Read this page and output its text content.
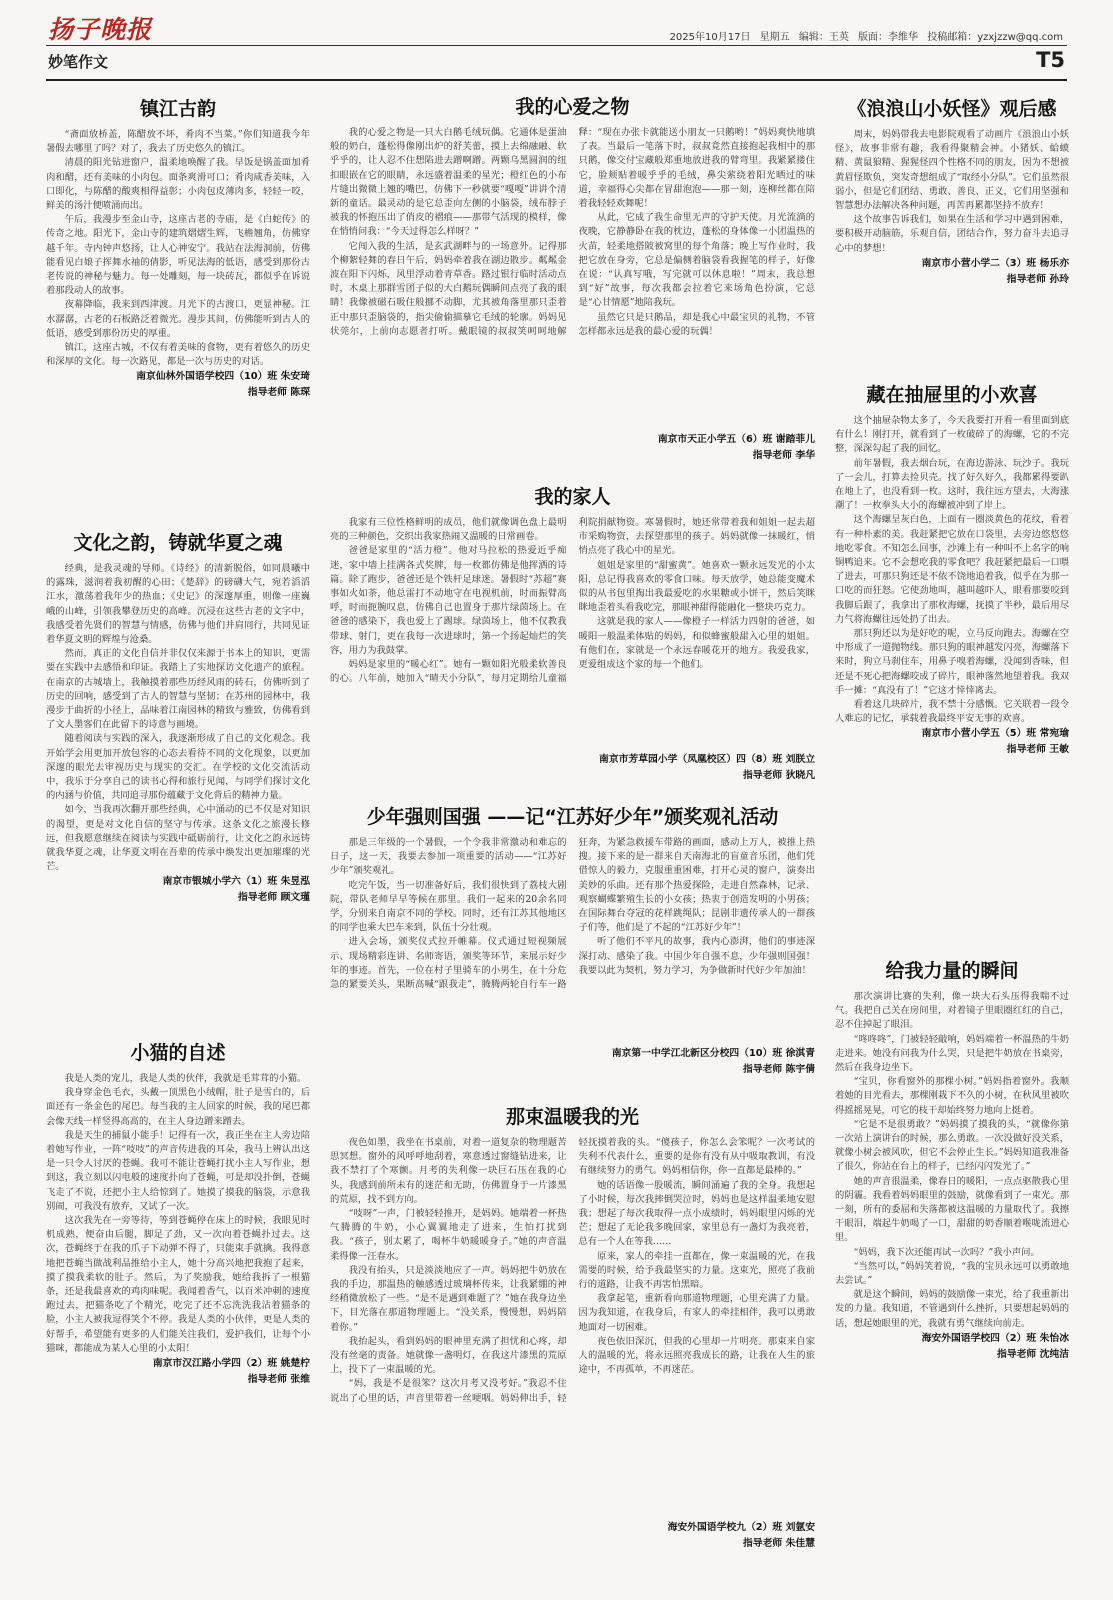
扬子晚报	2025年10月17日 星期五 编辑：王英 版面：李维华 投稿邮箱：yzxjzzw@qq.com
妙笔作文	T5
镇江古韵

“斋面放桥盖，陈醋放不坏，肴肉不当菜。”你们知道我今年暑假去哪里了吗？对了，我去了历史悠久的镇江。

清晨的阳光钻进窗户，温柔地唤醒了我。早饭是锅盖面加肴肉和醋，还有美味的小肉包。面条爽滑可口；肴肉咸香美味，入口即化，与陈醋的酸爽相得益彰；小肉包皮薄肉多，轻轻一咬，鲜美的汤汁便喷涌而出。

午后，我漫步至金山寺，这座古老的寺庙，是《白蛇传》的传奇之地。阳光下，金山寺的建筑熠熠生辉，飞檐翘角，仿佛穿越千年。寺内钟声悠扬，让人心神安宁。我站在法海洞前，仿佛能看见白娘子挥舞水袖的倩影，听见法海的低语，感受到那份古老传说的神秘与魅力。每一处雕刻，每一块砖瓦，都似乎在诉说着那段动人的故事。

夜幕降临，我来到西津渡。月光下的古渡口，更显神秘。江水潺潺，古老的石板路泛着微光。漫步其间，仿佛能听到古人的低语，感受到那份历史的厚重。

镇江，这座古城，不仅有着美味的食物，更有着悠久的历史和深厚的文化。每一次路见，都是一次与历史的对话。

南京仙林外国语学校四（10）班 朱安琦
指导老师 陈琛
文化之韵，铸就华夏之魂

经典，是我灵魂的导师。《诗经》的清新脱俗，如同晨曦中的露珠，滋润着我初醒的心田；《楚辞》的磅礴大气，宛若滔滔江水，激荡着我年少的热血；《史记》的深邃厚重，则像一座巍峨的山峰，引领我攀登历史的高峰。沉浸在这些古老的文字中，我感受着先贤们的智慧与情感，仿佛与他们并肩同行，共同见证着华夏文明的辉煌与沧桑。

然而，真正的文化自信并非仅仅来源于书本上的知识，更需要在实践中去感悟和印证。我踏上了实地探访文化遗产的旅程。在南京的古城墙上，我触摸着那些历经风雨的砖石，仿佛听到了历史的回响，感受到了古人的智慧与坚韧；在苏州的园林中，我漫步于曲折的小径上，品味着江南园林的精致与雅致，仿佛看到了文人墨客们在此留下的诗意与画境。

随着阅读与实践的深入，我逐渐形成了自己的文化观念。我开始学会用更加开放包容的心态去看待不同的文化现象，以更加深邃的眼光去审视历史与现实的交汇。在学校的文化交流活动中，我乐于分享自己的读书心得和旅行见闻，与同学们探讨文化的内涵与价值，共同追寻那份蕴藏于文化背后的精神力量。

如今，当我再次翻开那些经典，心中涌动的已不仅是对知识的渴望，更是对文化自信的坚守与传承。这条文化之旅漫长修远，但我愿意继续在阅读与实践中砥砺前行，让文化之韵永远铸就我华夏之魂，让华夏文明在吾辈的传承中焕发出更加璀璨的光芒。

南京市银城小学六（1）班 朱昱泓
指导老师 顾文瑾
小猫的自述

我是人类的宠儿，我是人类的伙伴，我就是毛茸茸的小猫。

我身穿金色毛衣，头戴一顶黑色小绒帽，肚子是雪白的，后面还有一条金色的尾巴。每当我的主人回家的时候，我的尾巴都会像天线一样竖得高高的，在主人身边蹭来蹭去。

我是天生的捕鼠小能手！记得有一次，我正坐在主人旁边陪着她写作业，一阵“吱吱”的声音传进我的耳朵，我马上辨认出这是一只令人讨厌的苍蝇。我可不能让苍蝇打扰小主人写作业，想到这，我立刻以闪电般的速度扑向了苍蝇，可是却没扑倒，苍蝇飞走了不说，还把小主人给惊到了。她摸了摸我的脑袋，示意我别闹，可我没有放弃，又试了一次。

这次我先在一旁等待，等到苍蝇停在床上的时候，我眼见时机成熟，便奋由后腿，脚足了劲，又一次向着苍蝇扑过去。这次，苍蝇终于在我的爪子下动弹不得了，只能束手就擒。我得意地把苍蝇当做战利品推给小主人，她十分高兴地把我抱了起来，摸了摸我柔软的肚子。然后，为了奖励我，她给我拆了一根猫条，还是我最喜欢的鸡肉味呢。我闻着香气，以百米冲刺的速度跑过去，把猫条吃了个精光，吃完了还不忘洗洗我沾着猫条的脸，小主人被我逗得笑个不停。我是人类的小伙伴，更是人类的好帮手，希望能有更多的人们能关注我们，爱护我们，让每个小猫咪，都能成为某人心里的小太阳！

南京市汉江路小学四（2）班 姚楚柠
指导老师 张维
我的心爱之物

我的心爱之物是一只大白鹅毛绒玩偶。它通体是蛋油般的奶白，蓬松得像刚出炉的舒芙蕾，摸上去绵融融、软乎乎的，让人忍不住想陷进去蹭啊蹭。两颗乌黑圆润的纽扣眼嵌在它的眼睛，永远盛着温柔的星光；橙红色的小布片缝出微微上翘的嘴巴，仿佛下一秒就要“嘎嘎”讲讲个清新的童话。最灵动的是它总歪向左侧的小脑袋，绒布脖子被我的怀抱压出了俏皮的褶痕——那带气活现的模样，像在悄悄问我：“今天过得怎么样呀？”

它闯入我的生活，是玄武湖畔与的一场意外。记得那个柳絮轻舞的春日午后，妈妈牵着我在湖边散步。粼粼金波在阳下闪烁，风里浮动着青草香。路过银行临时活动点时，木桌上那群雪团子似的大白鹅玩偶瞬间点亮了我的眼睛！我像被磁石吸住般挪不动脚，尤其被角落里那只歪着正中那只歪脑袋的，指尖偷偷描摹它毛绒的轮廓。妈妈见状莞尔，上前向志愿者打听。戴眼镜的叔叔笑呵呵地解释：“现在办张卡就能送小朋友一只鹅哟！”妈妈爽快地填了表。当最后一笔落下时，叔叔竟然直接抱起我相中的那只鹅，像交付宝藏般郑重地放进我的臂弯里。我紧紧搂住它，脸颊贴着暖乎乎的毛绒，鼻尖萦绕着阳光晒过的味道，幸福得心尖都在冒甜泡泡——那一刻，连柳丝都在陪着我轻轻欢舞呢！

从此，它成了我生命里无声的守护天使。月光流淌的夜晚，它静静卧在我的枕边，蓬松的身体像一小团温热的火苗，轻柔地搭陂被窝里的每个角落；晚上写作业时，我把它放在身旁，它总是偏侧着脑袋看我握笔的样子，好像在说：“认真写哦，写完就可以休息啦！”周末，我总想到“好”故事，每次我都会拉着它来场角色扮演，它总是“心甘情愿”地陪我玩。

虽然它只是只鹅品，却是我心中最宝贝的礼物，不管怎样都永远是我的最心爱的玩偶！

南京市天正小学五（6）班 谢踏菲儿
指导老师 李华
我的家人

我家有三位性格鲜明的成员，他们就像调色盘上最明亮的三种颜色，交织出我家热闹又温暖的日常画卷。

爸爸是家里的“活力橙”。他对马拉松的热爱近乎痴迷，家中墙上挂满各式奖牌，每一枚都仿佛是他挥洒的诗篇。除了跑步，爸爸还是个铁杆足球迷。暑假时“苏超”赛事如火如荼，他总雷打不动地守在电视机前，时而振臂高呼，时而扼腕叹息，仿佛自己也置身于那片绿茵场上。在爸爸的感染下，我也爱上了踢球。绿茵场上，他不仅教我带球、射门，更在我每一次进球时，第一个扬起灿烂的笑容，用力为我鼓掌。

妈妈是家里的“暖心红”。她有一颗如阳光般柔软善良的心。八年前，她加入“晴天小分队”，每月定期给儿童福利院捐献物资。寒暑假时，她还常带着我和姐姐一起去超市采购物资，去探望那里的孩子。妈妈就像一抹暖红，悄悄点亮了我心中的星光。

姐姐是家里的“甜蜜黄”。她喜欢一颗永远发光的小太阳，总记得我喜欢的零食口味。每天放学，她总能变魔术似的从书包里掏出我最爱吃的水果糖或小饼干，然后笑眯眯地歪着头看我吃完，那眼神甜得能融化一整块巧克力。

这就是我的家人——像橙子一样活力四射的爸爸，如暖阳一般温柔体贴的妈妈，和似蜂蜜般甜入心里的姐姐。有他们在，家就是一个永远春暖花开的地方。我爱我家，更爱组成这个家的每一个他们。

南京市芳草园小学（凤凰校区）四（8）班 刘朕立
指导老师 狄晓凡
少年强则国强 ——记“江苏好少年”颁奖观礼活动

那是三年级的一个暑假，一个令我非常激动和难忘的日子，这一天，我要去参加一项重要的活动——“江苏好少年”颁奖观礼。

吃完午饭，当一切准备好后，我们很快到了荔枝大剧院，带队老师早早等候在那里。我们一起来的20余名同学，分别来自南京不同的学校。同时，还有江苏其他地区的同学也乘大巴车来到，队伍十分壮观。

进入会场，颁奖仪式拉开帷幕。仪式通过短视频展示、现场精彩连讲、名师寄语，颁奖等环节，来展示好少年的事迹。首先，一位在村子里骑车的小男生，在十分危急的紧要关头，果断高喊“跟我走”，腾腾两轮自行车一路狂奔，为紧急救援车带路的画面，感动上万人，被推上热搜。接下来的是一群来自天南海北的盲童音乐团，他们凭借惊人的毅力，克服重重困难，打开心灵的窗户，演奏出美妙的乐曲。还有那个热爱探险，走进自然森林，记录、观察蝴蝶繁殖生长的小女孩；热衷于创造发明的小男孩；在国际舞台夺冠的花样跳绳队；昆剧非遗传承人的一群孩子们等，他们是了不起的“江苏好少年”！

听了他们不平凡的故事，我内心澎湃，他们的事迹深深打动、感染了我。中国少年自强不息，少年强则国强！我要以此为契机，努力学习，为争做新时代好少年加油！

南京第一中学江北新区分校四（10）班 徐淇青
指导老师 陈宇倩
那束温暖我的光

夜色如墨，我坐在书桌前，对着一道复杂的物理题苦思冥想。窗外的风呼呼地刮着，寒意透过窗缝钻进来，让我不禁打了个寒颤。月考的失利像一块巨石压在我的心头，我感到前所未有的迷茫和无助，仿佛置身于一片漆黑的荒原，找不到方向。

“吱呀”一声，门被轻轻推开，是妈妈。她端着一杯热气腾腾的牛奶，小心翼翼地走了进来，生怕打扰到我。“孩子，别太累了，喝杯牛奶暖暖身子。”她的声音温柔得像一汪春水。

我没有抬头，只是淡淡地应了一声。妈妈把牛奶放在我的手边，那温热的触感透过玻璃杯传来，让我紧绷的神经稍微放松了一些。“是不是遇到难题了？”她在我身边坐下，目光落在那道物理题上。“没关系，慢慢想，妈妈陪着你。”

我抬起头，看到妈妈的眼神里充满了担忧和心疼，却没有丝毫的责备。她就像一盏明灯，在我这片漆黑的荒原上，投下了一束温暖的光。

“妈，我是不是很笨？这次月考又没考好。”我忍不住说出了心里的话，声音里带着一丝哽咽。妈妈伸出手，轻轻抚摸着我的头。“傻孩子，你怎么会笨呢？一次考试的失利不代表什么，重要的是你有没有从中吸取教训，有没有继续努力的勇气。妈妈相信你，你一直都是最棒的。”

她的话语像一股暖流，瞬间涌遍了我的全身。我想起了小时候，每次我摔倒哭泣时，妈妈也是这样温柔地安慰我；想起了每次我取得一点小成绩时，妈妈眼里闪烁的光芒；想起了无论我多晚回家，家里总有一盏灯为我亮着，总有一个人在等我……

原来，家人的牵挂一直都在，像一束温暖的光，在我需要的时候，给予我最坚实的力量。这束光，照亮了我前行的道路，让我不再害怕黑暗。

我拿起笔，重新看向那道物理题，心里充满了力量。因为我知道，在我身后，有家人的牵挂相伴，我可以勇敢地面对一切困难。

夜色依旧深沉，但我的心里却一片明亮。那束来自家人的温暖的光，将永远照亮我成长的路，让我在人生的旅途中，不再孤单，不再迷茫。

海安外国语学校九（2）班 刘氩安
指导老师 朱佳慧
《浪浪山小妖怪》观后感

周末，妈妈带我去电影院观看了动画片《浪浪山小妖怪》，故事非常有趣，我看得聚精会神。小猪妖、蛤蟆精、黄鼠狼精、猩猩怪四个性格不同的朋友，因为不想被黄眉怪欺负，突发奇想组成了“取经小分队”。它们虽然很弱小，但是它们团结、勇敢、善良、正义，它们用坚强和智慧想办法解决各种问题，再苦再累都坚持不放弃！

这个故事告诉我们，如果在生活和学习中遇到困难，要积极开动脑筋，乐观自信，团结合作，努力奋斗去追寻心中的梦想！

南京市小营小学二（3）班 杨乐亦
指导老师 孙玲
藏在抽屉里的小欢喜

这个抽屉杂物太多了，今天我要打开看一看里面到底有什么！刚打开，就看到了一枚破碎了的海螺，它的不完整，深深勾起了我的回忆。

前年暑假，我去烟台玩，在海边游泳、玩沙子。我玩了一会儿，打算去捡贝壳。找了好久好久，我都累得要趴在地上了，也没看到一枚。这时，我往远方望去，大海涨潮了！一枚拳头大小的海螺被冲到了岸上。

这个海螺呈灰白色，上面有一圈淡黄色的花纹，看着有一种朴素的美。我赶紧把它放在口袋里，去旁边悠悠悠地吃零食。不知怎么回事，沙滩上有一种叫不上名字的响铜鸭追来。它不会想吃我的零食吧？我赶紧把最后一口喂了进去，可那只狗还是不依不饶地追着我，似乎在为那一口吃的而狂怒。它使劲地叫，越叫越吓人，眼看那要咬到我脚后跟了，我拿出了那枚海螺，抚摸了半秒，最后用尽力气将海螺往远处扔了出去。

那只狗还以为是好吃的呢，立马反向跑去。海螺在空中形成了一道抛物线。那只狗的眼神越发闪亮，海螺落下来时，狗立马刹住车，用鼻子嗅着海螺，没闻到香味，但还是不死心把海螺咬成了碎片，眼神落然地望着我。我双手一摊：“真没有了！”它这才悻悻离去。

看着这几块碎片，我不禁十分感慨。它关联着一段令人难忘的记忆，承载着我最终平安无事的欢喜。

南京市小营小学五（5）班 常宛瑜
指导老师 王敏
给我力量的瞬间

那次演讲比赛的失利，像一块大石头压得我喘不过气。我把自己关在房间里，对着镜子里眼圈红红的自己，忍不住掉起了眼泪。

“咚咚咚”，门被轻轻敲响，妈妈端着一杯温热的牛奶走进来。她没有问我为什么哭，只是把牛奶放在书桌旁，然后在我身边坐下。

“宝贝，你看窗外的那棵小树。”妈妈指着窗外。我顺着她的目光看去，那棵刚栽下不久的小树，在秋风里被吹得摇摇晃晃，可它的枝干却始终努力地向上挺着。

“它是不是很勇敢？”妈妈摸了摸我的头，“就像你第一次站上演讲台的时候，那么勇敢。一次没做好没关系，就像小树会被风吹，但它不会停止生长。”妈妈知道我准备了很久，你站在台上的样子，已经闪闪发光了。”

她的声音很温柔，像春日的暖阳，一点点驱散我心里的阴霾。我看着妈妈眼里的鼓励，就像看到了一束光。那一刻，所有的委屈和失落都被这温暖的力量取代了。我擦干眼泪，端起牛奶喝了一口，甜甜的奶香顺着喉咙流进心里。

“妈妈，我下次还能再试一次吗？”我小声问。

“当然可以，”妈妈笑着说，“我的宝贝永远可以勇敢地去尝试。”

就是这个瞬间，妈妈的鼓励像一束光，给了我重新出发的力量。我知道，不管遇到什么挫折，只要想起妈妈的话，想起她眼里的光，我就有勇气继续向前走。

海安外国语学校四（2）班 朱怡冰
指导老师 沈纯洁
